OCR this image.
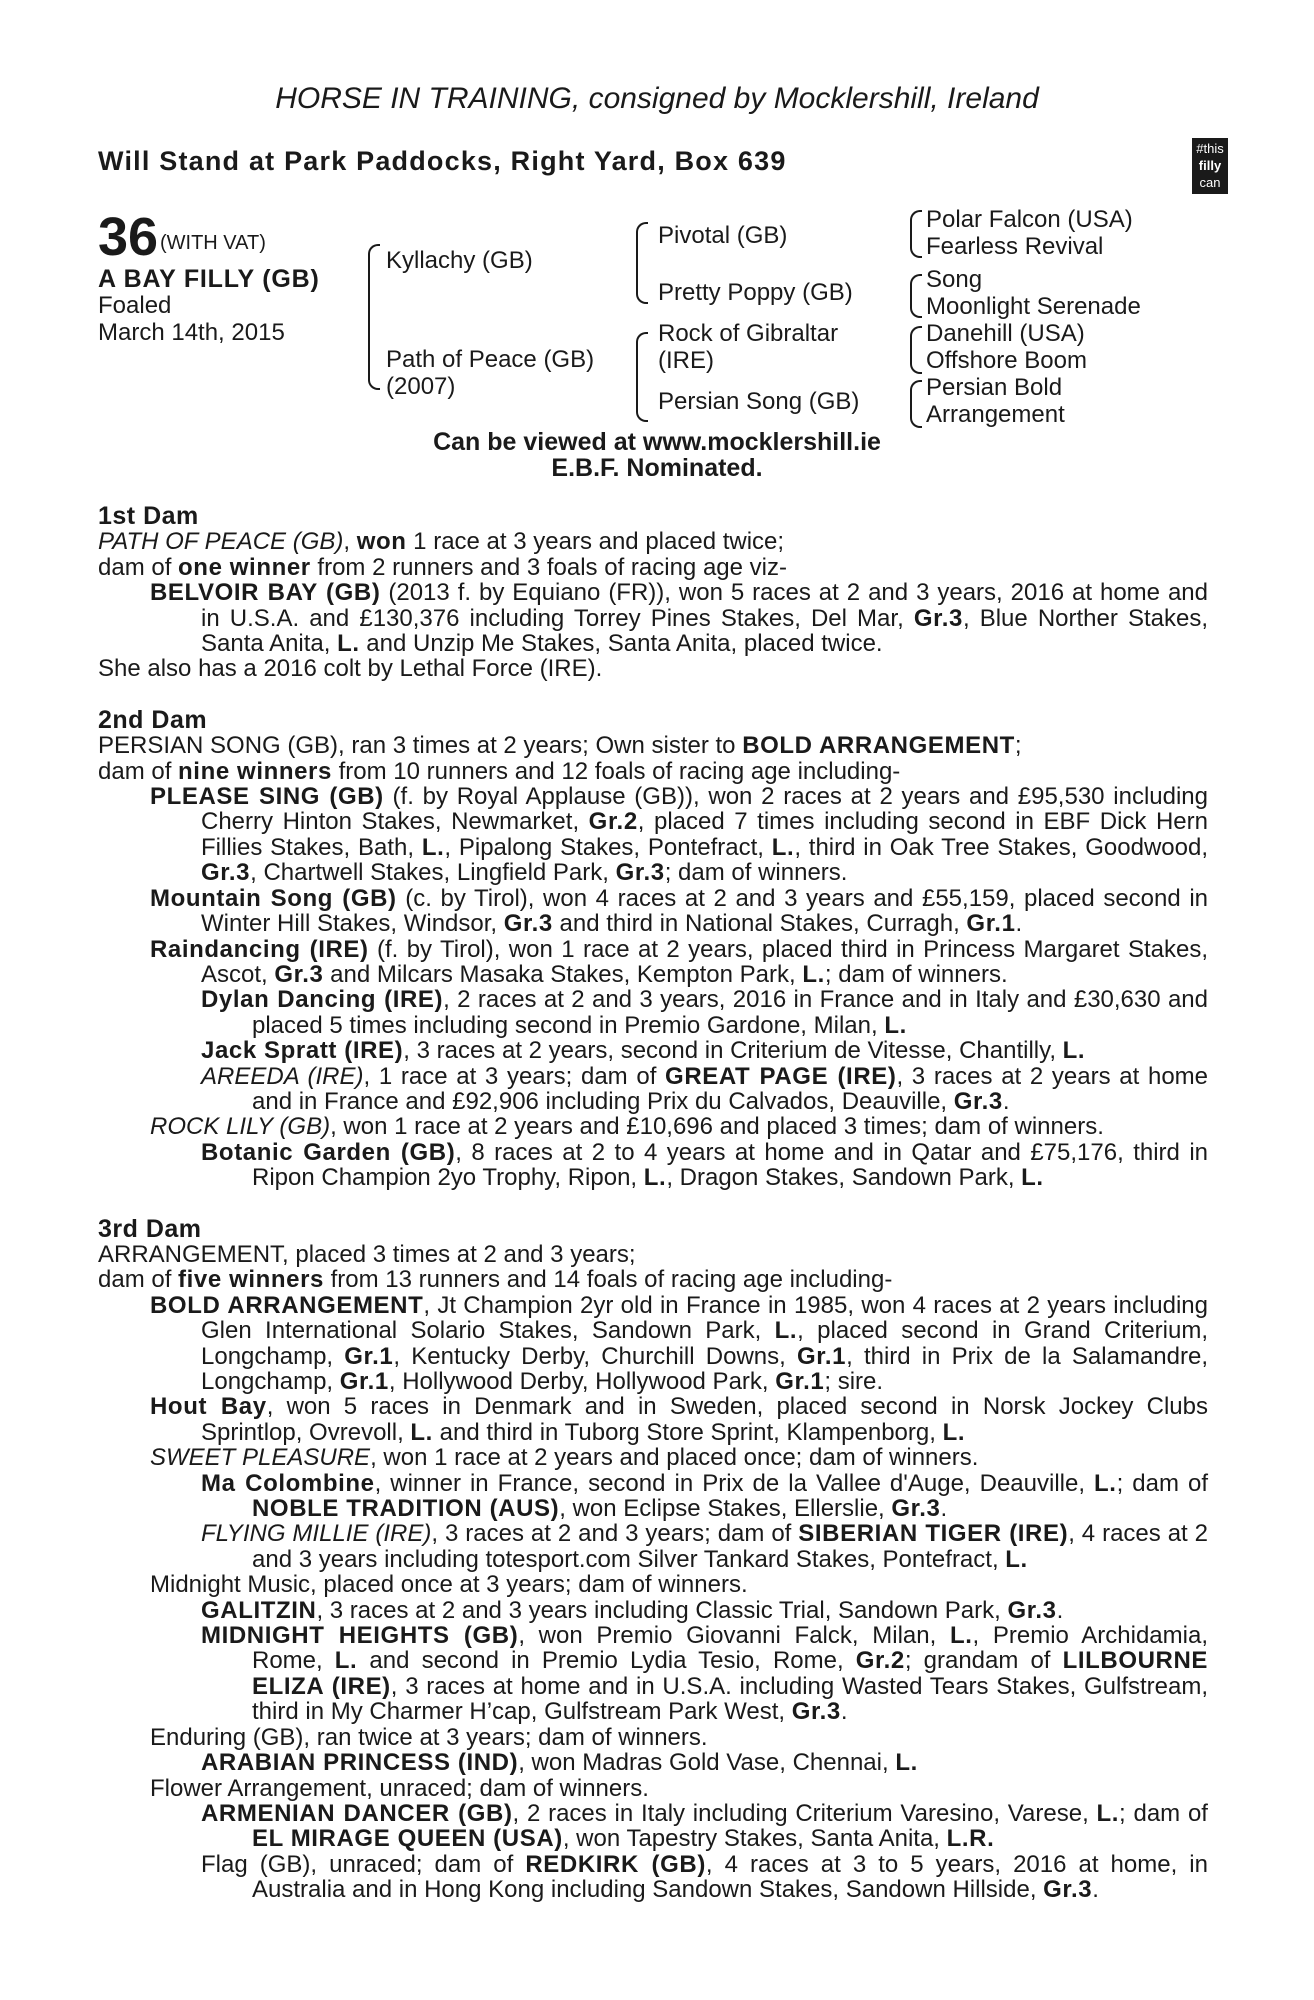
HORSE IN TRAINING, consigned by Mocklershill, Ireland
Will Stand at Park Paddocks, Right Yard, Box 639	#this
filly
can
36 (WITH VAT)
A BAY FILLY (GB)
Foaled
March 14th, 2015
Kyllachy (GB)
Path of Peace (GB)
(2007)
Pivotal (GB)
Pretty Poppy (GB)
Rock of Gibraltar
(IRE)
Persian Song (GB)
Polar Falcon (USA)
Fearless Revival
Song
Moonlight Serenade
Danehill (USA)
Offshore Boom
Persian Bold
Arrangement
Can be viewed at www.mocklershill.ie
E.B.F. Nominated.
1st Dam
PATH OF PEACE (GB), won 1 race at 3 years and placed twice;
dam of one winner from 2 runners and 3 foals of racing age viz-
BELVOIR BAY (GB) (2013 f. by Equiano (FR)), won 5 races at 2 and 3 years, 2016 at home and in U.S.A. and £130,376 including Torrey Pines Stakes, Del Mar, Gr.3, Blue Norther Stakes, Santa Anita, L. and Unzip Me Stakes, Santa Anita, placed twice.
She also has a 2016 colt by Lethal Force (IRE).
2nd Dam
PERSIAN SONG (GB), ran 3 times at 2 years; Own sister to BOLD ARRANGEMENT;
dam of nine winners from 10 runners and 12 foals of racing age including-
PLEASE SING (GB) (f. by Royal Applause (GB)), won 2 races at 2 years and £95,530 including Cherry Hinton Stakes, Newmarket, Gr.2, placed 7 times including second in EBF Dick Hern Fillies Stakes, Bath, L., Pipalong Stakes, Pontefract, L., third in Oak Tree Stakes, Goodwood, Gr.3, Chartwell Stakes, Lingfield Park, Gr.3; dam of winners.
Mountain Song (GB) (c. by Tirol), won 4 races at 2 and 3 years and £55,159, placed second in Winter Hill Stakes, Windsor, Gr.3 and third in National Stakes, Curragh, Gr.1.
Raindancing (IRE) (f. by Tirol), won 1 race at 2 years, placed third in Princess Margaret Stakes, Ascot, Gr.3 and Milcars Masaka Stakes, Kempton Park, L.; dam of winners.
Dylan Dancing (IRE), 2 races at 2 and 3 years, 2016 in France and in Italy and £30,630 and placed 5 times including second in Premio Gardone, Milan, L.
Jack Spratt (IRE), 3 races at 2 years, second in Criterium de Vitesse, Chantilly, L.
AREEDA (IRE), 1 race at 3 years; dam of GREAT PAGE (IRE), 3 races at 2 years at home and in France and £92,906 including Prix du Calvados, Deauville, Gr.3.
ROCK LILY (GB), won 1 race at 2 years and £10,696 and placed 3 times; dam of winners.
Botanic Garden (GB), 8 races at 2 to 4 years at home and in Qatar and £75,176, third in Ripon Champion 2yo Trophy, Ripon, L., Dragon Stakes, Sandown Park, L.
3rd Dam
ARRANGEMENT, placed 3 times at 2 and 3 years;
dam of five winners from 13 runners and 14 foals of racing age including-
BOLD ARRANGEMENT, Jt Champion 2yr old in France in 1985, won 4 races at 2 years including Glen International Solario Stakes, Sandown Park, L., placed second in Grand Criterium, Longchamp, Gr.1, Kentucky Derby, Churchill Downs, Gr.1, third in Prix de la Salamandre, Longchamp, Gr.1, Hollywood Derby, Hollywood Park, Gr.1; sire.
Hout Bay, won 5 races in Denmark and in Sweden, placed second in Norsk Jockey Clubs Sprintlop, Ovrevoll, L. and third in Tuborg Store Sprint, Klampenborg, L.
SWEET PLEASURE, won 1 race at 2 years and placed once; dam of winners.
Ma Colombine, winner in France, second in Prix de la Vallee d'Auge, Deauville, L.; dam of NOBLE TRADITION (AUS), won Eclipse Stakes, Ellerslie, Gr.3.
FLYING MILLIE (IRE), 3 races at 2 and 3 years; dam of SIBERIAN TIGER (IRE), 4 races at 2 and 3 years including totesport.com Silver Tankard Stakes, Pontefract, L.
Midnight Music, placed once at 3 years; dam of winners.
GALITZIN, 3 races at 2 and 3 years including Classic Trial, Sandown Park, Gr.3.
MIDNIGHT HEIGHTS (GB), won Premio Giovanni Falck, Milan, L., Premio Archidamia, Rome, L. and second in Premio Lydia Tesio, Rome, Gr.2; grandam of LILBOURNE ELIZA (IRE), 3 races at home and in U.S.A. including Wasted Tears Stakes, Gulfstream, third in My Charmer H’cap, Gulfstream Park West, Gr.3.
Enduring (GB), ran twice at 3 years; dam of winners.
ARABIAN PRINCESS (IND), won Madras Gold Vase, Chennai, L.
Flower Arrangement, unraced; dam of winners.
ARMENIAN DANCER (GB), 2 races in Italy including Criterium Varesino, Varese, L.; dam of EL MIRAGE QUEEN (USA), won Tapestry Stakes, Santa Anita, L.R.
Flag (GB), unraced; dam of REDKIRK (GB), 4 races at 3 to 5 years, 2016 at home, in Australia and in Hong Kong including Sandown Stakes, Sandown Hillside, Gr.3.
